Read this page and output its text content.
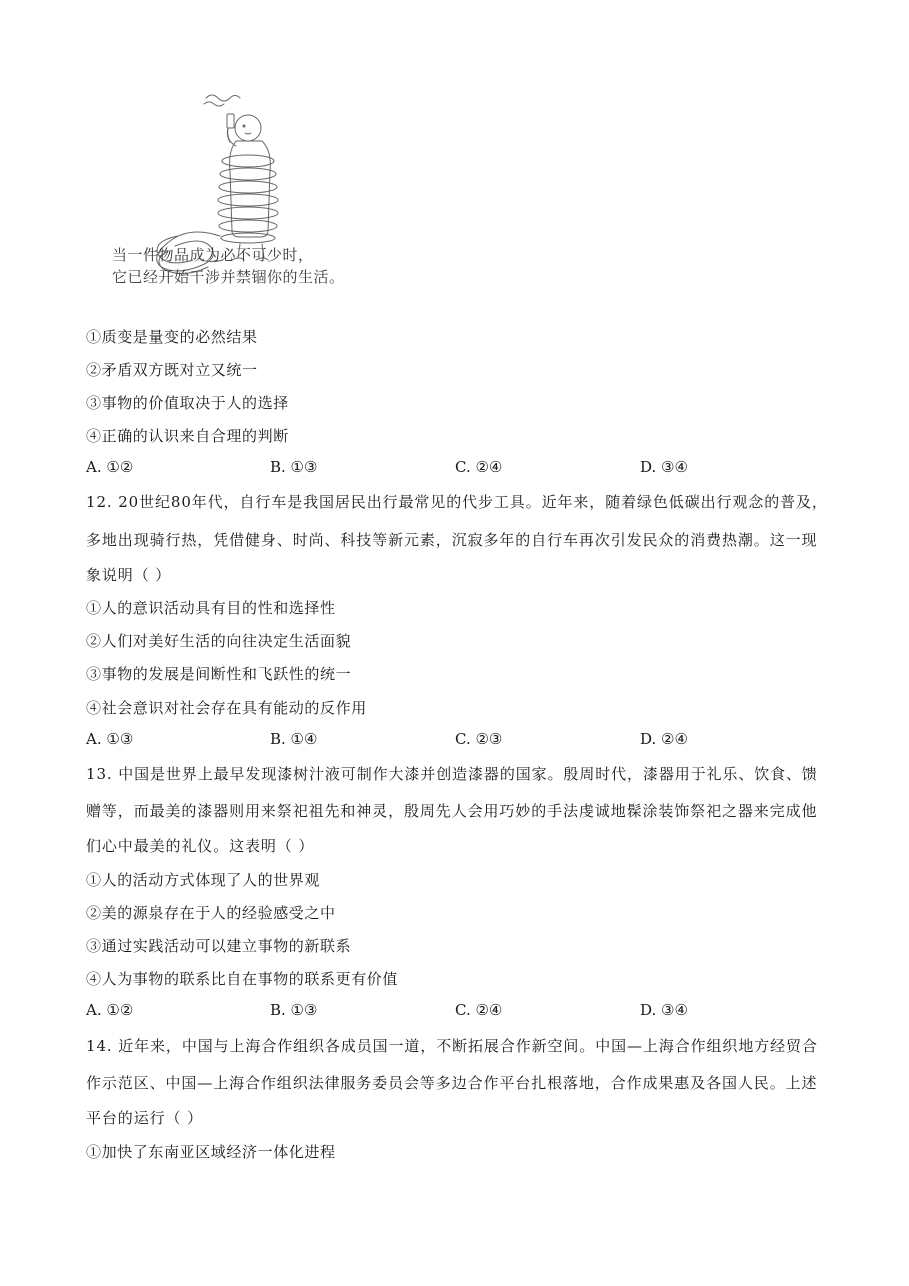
当一件物品成为必不可少时，
它已经开始干涉并禁锢你的生活。
①质变是量变的必然结果
②矛盾双方既对立又统一
③事物的价值取决于人的选择
④正确的认识来自合理的判断
A. ①②	B. ①③	C. ②④	D. ③④
12. 20世纪80年代，自行车是我国居民出行最常见的代步工具。近年来，随着绿色低碳出行观念的普及，
多地出现骑行热，凭借健身、时尚、科技等新元素，沉寂多年的自行车再次引发民众的消费热潮。这一现
象说明（ ）
①人的意识活动具有目的性和选择性
②人们对美好生活的向往决定生活面貌
③事物的发展是间断性和飞跃性的统一
④社会意识对社会存在具有能动的反作用
A. ①③	B. ①④	C. ②③	D. ②④
13. 中国是世界上最早发现漆树汁液可制作大漆并创造漆器的国家。殷周时代，漆器用于礼乐、饮食、馈
赠等，而最美的漆器则用来祭祀祖先和神灵，殷周先人会用巧妙的手法虔诚地髹涂装饰祭祀之器来完成他
们心中最美的礼仪。这表明（ ）
①人的活动方式体现了人的世界观
②美的源泉存在于人的经验感受之中
③通过实践活动可以建立事物的新联系
④人为事物的联系比自在事物的联系更有价值
A. ①②	B. ①③	C. ②④	D. ③④
14. 近年来，中国与上海合作组织各成员国一道，不断拓展合作新空间。中国—上海合作组织地方经贸合
作示范区、中国—上海合作组织法律服务委员会等多边合作平台扎根落地，合作成果惠及各国人民。上述
平台的运行（ ）
①加快了东南亚区域经济一体化进程
